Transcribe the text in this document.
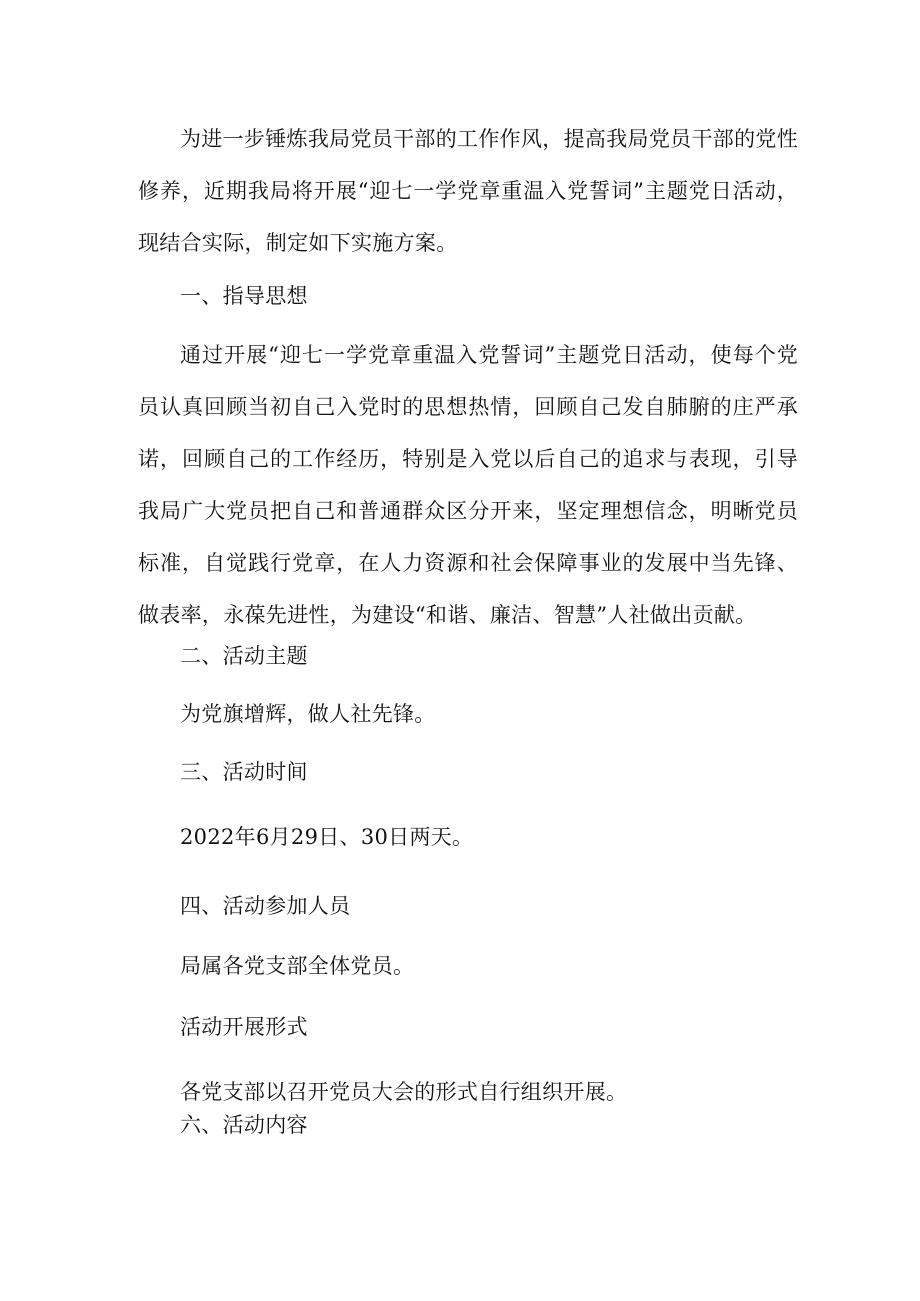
为进一步锤炼我局党员干部的工作作风，提高我局党员干部的党性修养，近期我局将开展“迎七一学党章重温入党誓词”主题党日活动，现结合实际，制定如下实施方案。

一、指导思想

通过开展“迎七一学党章重温入党誓词”主题党日活动，使每个党员认真回顾当初自己入党时的思想热情，回顾自己发自肺腑的庄严承诺，回顾自己的工作经历，特别是入党以后自己的追求与表现，引导我局广大党员把自己和普通群众区分开来，坚定理想信念，明晰党员标准，自觉践行党章，在人力资源和社会保障事业的发展中当先锋、做表率，永葆先进性，为建设“和谐、廉洁、智慧”人社做出贡献。

二、活动主题

为党旗增辉，做人社先锋。

三、活动时间

2022年6月29日、30日两天。

四、活动参加人员

局属各党支部全体党员。

活动开展形式

各党支部以召开党员大会的形式自行组织开展。

六、活动内容
